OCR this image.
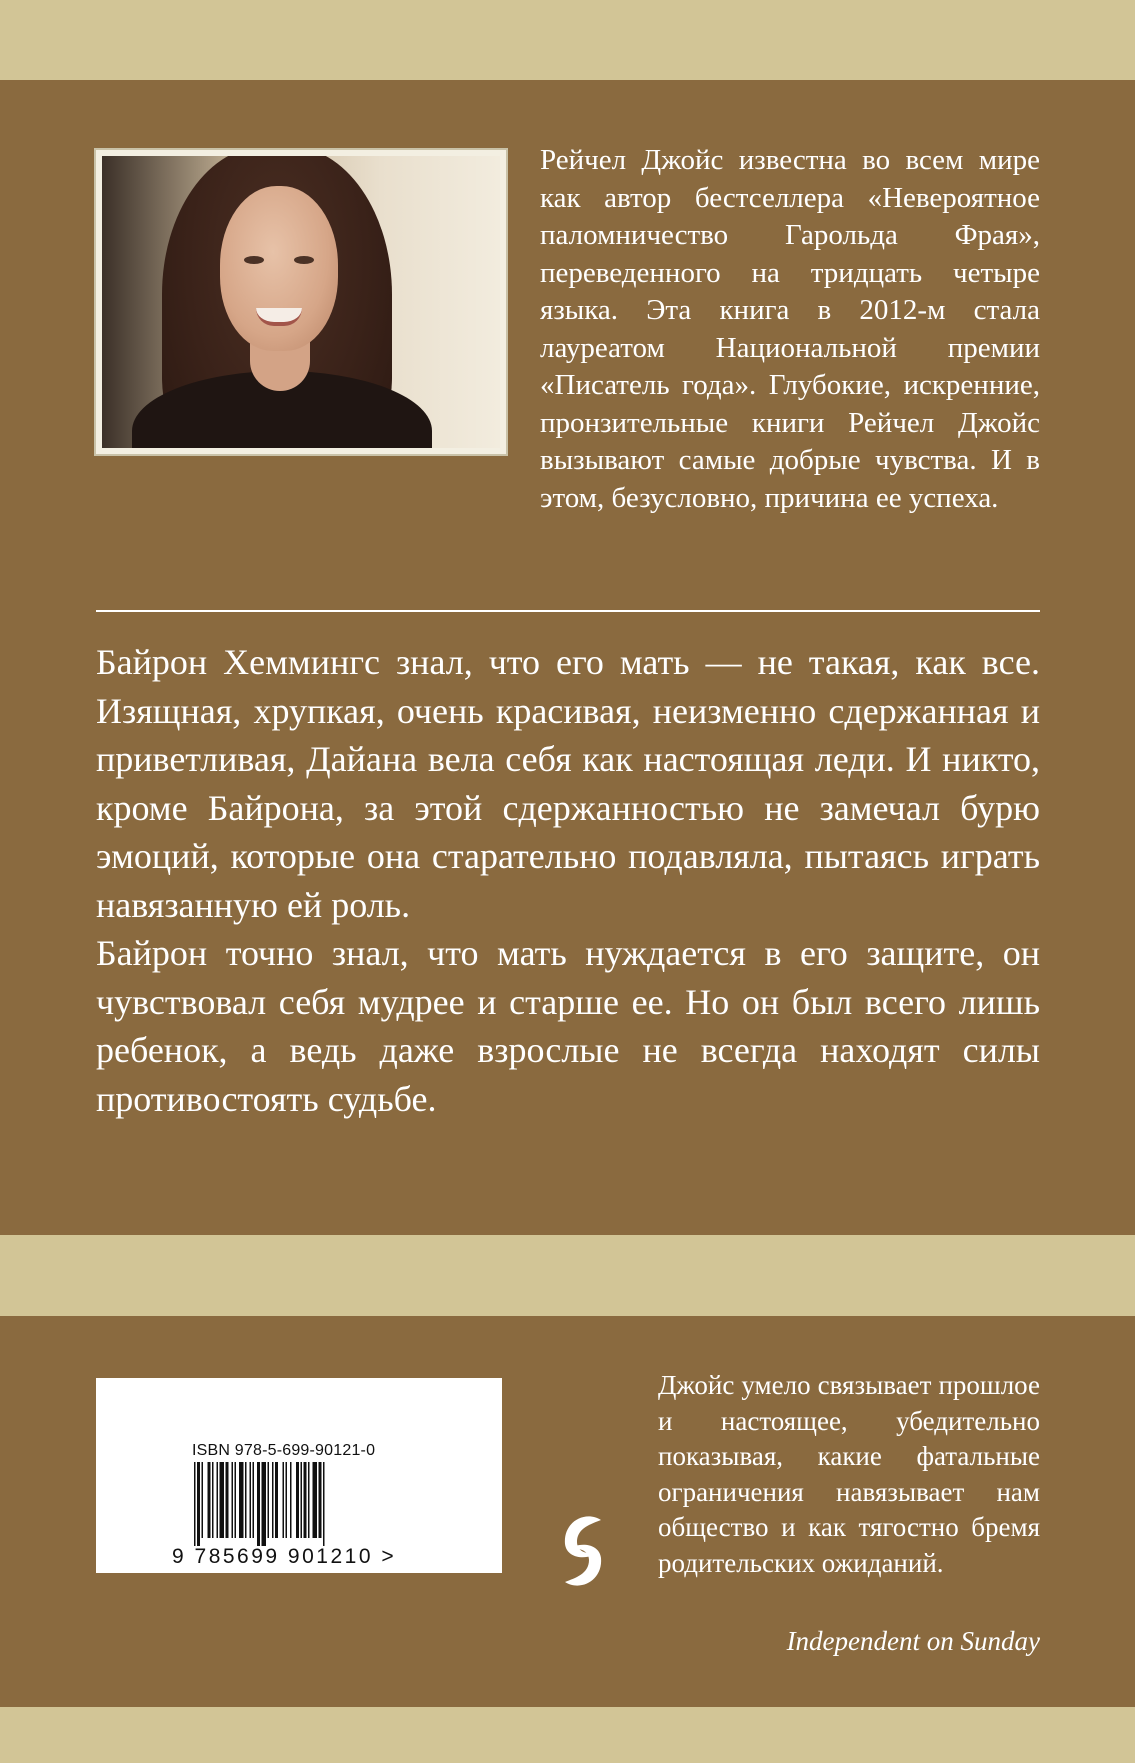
Рейчел Джойс известна во всем мире как автор бестселлера «Невероятное паломничество Гарольда Фрая», переведенного на тридцать четыре языка. Эта книга в 2012-м стала лауреатом Национальной премии «Писатель года». Глубокие, искренние, пронзительные книги Рейчел Джойс вызывают самые добрые чувства. И в этом, безусловно, причина ее успеха.

Байрон Хеммингс знал, что его мать — не такая, как все. Изящная, хрупкая, очень красивая, неизменно сдержанная и приветливая, Дайана вела себя как настоящая леди. И никто, кроме Байрона, за этой сдержанностью не замечал бурю эмоций, которые она старательно подавляла, пытаясь играть навязанную ей роль.

Байрон точно знал, что мать нуждается в его защите, он чувствовал себя мудрее и старше ее. Но он был всего лишь ребенок, а ведь даже взрослые не всегда находят силы противостоять судьбе.

ISBN 978-5-699-90121-0
9 785699 901210 >

Джойс умело связывает прошлое и настоящее, убедительно показывая, какие фатальные ограничения навязывает нам общество и как тягостно бремя родительских ожиданий.

Independent on Sunday
